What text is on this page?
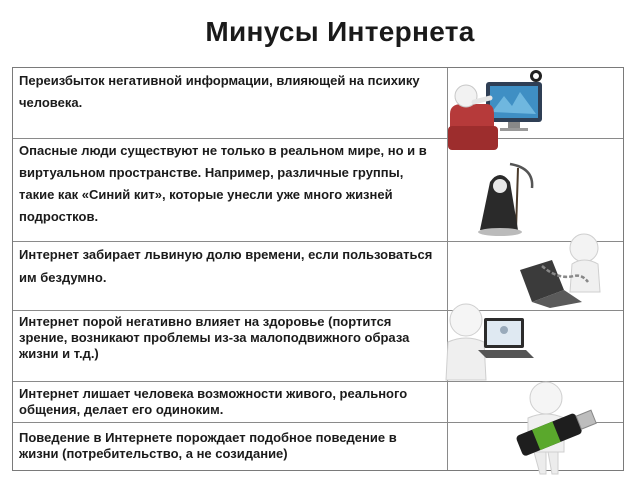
Минусы Интернета
Переизбыток негативной информации, влияющей на психику человека.
Опасные люди существуют не только в реальном мире, но и в виртуальном пространстве. Например, различные группы, такие как «Синий кит», которые унесли уже много жизней подростков.
Интернет забирает львиную долю времени, если пользоваться им бездумно.
Интернет порой негативно влияет на здоровье (портится зрение, возникают проблемы из-за малоподвижного образа жизни и т.д.)
Интернет лишает человека возможности живого, реального общения, делает его одиноким.
Поведение в Интернете порождает подобное поведение в жизни (потребительство, а не созидание)
